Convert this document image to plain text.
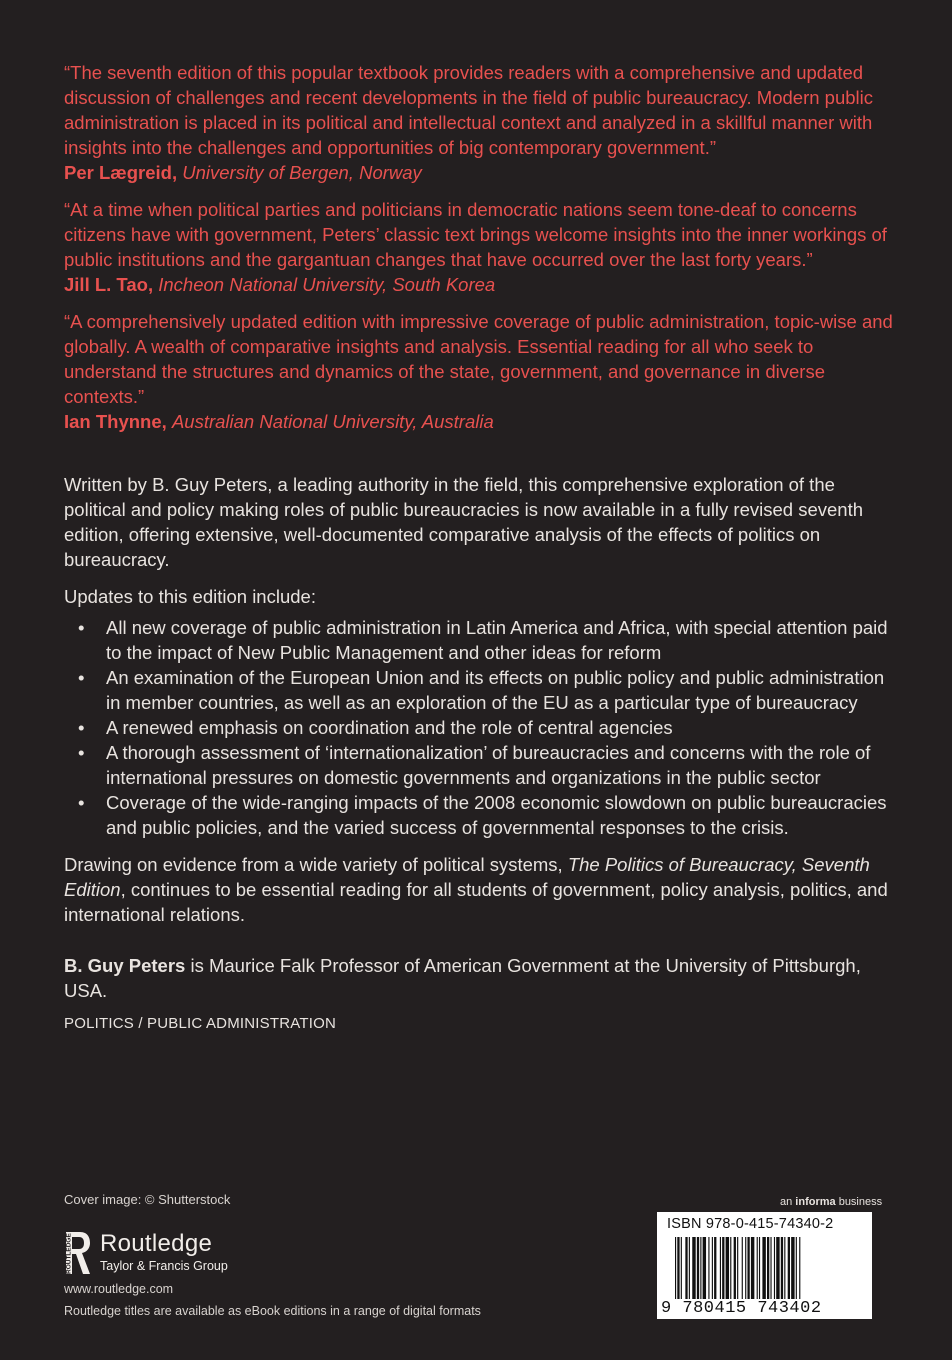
“The seventh edition of this popular textbook provides readers with a comprehensive and updated discussion of challenges and recent developments in the field of public bureaucracy. Modern public administration is placed in its political and intellectual context and analyzed in a skillful manner with insights into the challenges and opportunities of big contemporary government.”

Per Lægreid, University of Bergen, Norway

“At a time when political parties and politicians in democratic nations seem tone-deaf to concerns citizens have with government, Peters’ classic text brings welcome insights into the inner workings of public institutions and the gargantuan changes that have occurred over the last forty years.”

Jill L. Tao, Incheon National University, South Korea

“A comprehensively updated edition with impressive coverage of public administration, topic-wise and globally. A wealth of comparative insights and analysis. Essential reading for all who seek to understand the structures and dynamics of the state, government, and governance in diverse contexts.”

Ian Thynne, Australian National University, Australia

Written by B. Guy Peters, a leading authority in the field, this comprehensive exploration of the political and policy making roles of public bureaucracies is now available in a fully revised seventh edition, offering extensive, well-documented comparative analysis of the effects of politics on bureaucracy.

Updates to this edition include:

• All new coverage of public administration in Latin America and Africa, with special attention paid to the impact of New Public Management and other ideas for reform
• An examination of the European Union and its effects on public policy and public administration in member countries, as well as an exploration of the EU as a particular type of bureaucracy
• A renewed emphasis on coordination and the role of central agencies
• A thorough assessment of ‘internationalization’ of bureaucracies and concerns with the role of international pressures on domestic governments and organizations in the public sector
• Coverage of the wide-ranging impacts of the 2008 economic slowdown on public bureaucracies and public policies, and the varied success of governmental responses to the crisis.

Drawing on evidence from a wide variety of political systems, The Politics of Bureaucracy, Seventh Edition, continues to be essential reading for all students of government, policy analysis, politics, and international relations.

B. Guy Peters is Maurice Falk Professor of American Government at the University of Pittsburgh, USA.

POLITICS / PUBLIC ADMINISTRATION
Cover image: © Shutterstock
ROUTLEDGE Routledge
Taylor & Francis Group
www.routledge.com
Routledge titles are available as eBook editions in a range of digital formats
an informa business
ISBN 978-0-415-74340-2
9 780415 743402
